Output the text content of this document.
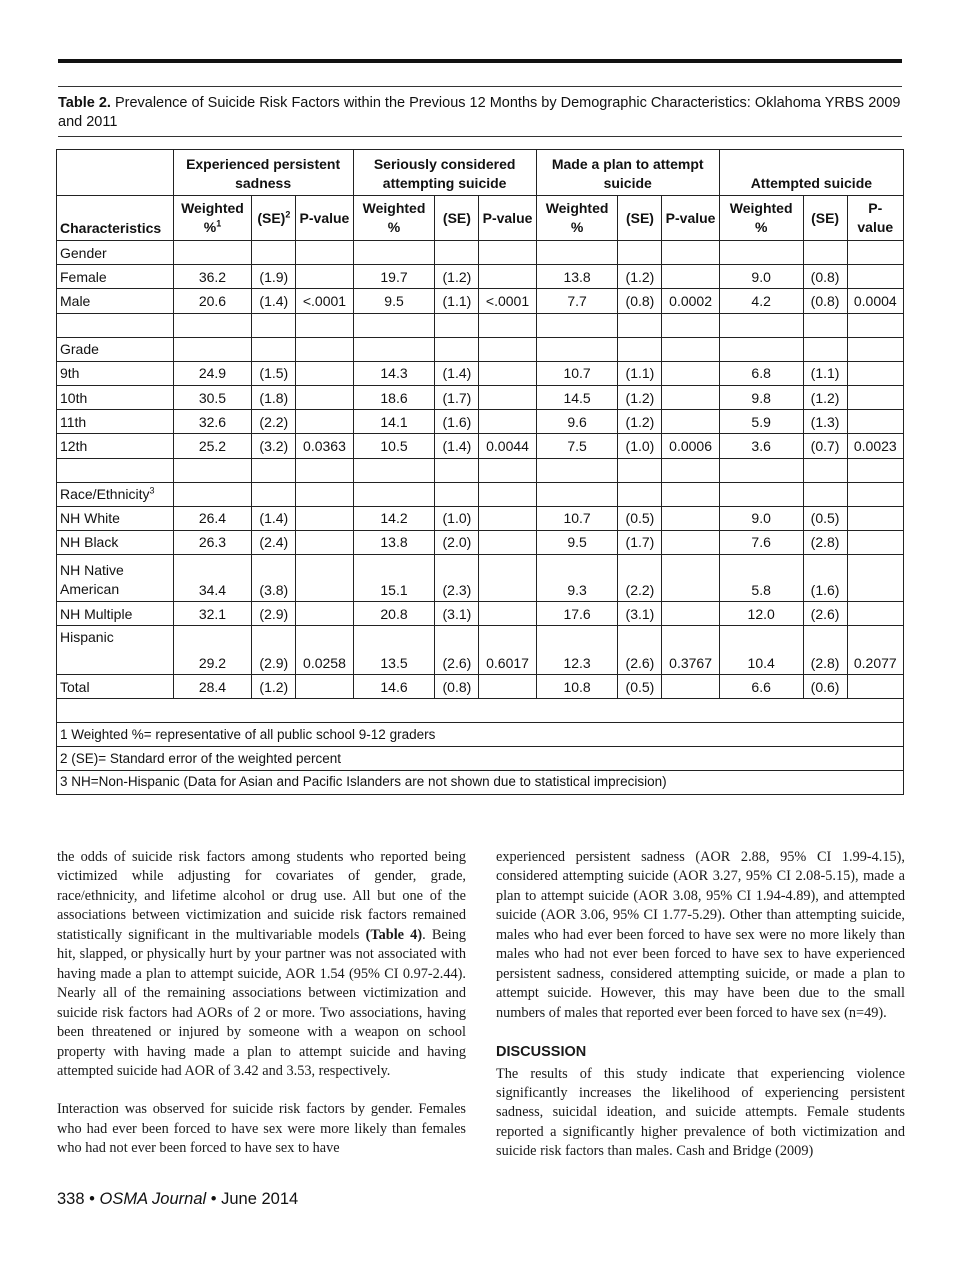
Table 2. Prevalence of Suicide Risk Factors within the Previous 12 Months by Demographic Characteristics: Oklahoma YRBS 2009 and 2011
	Experienced persistent sadness			Seriously considered attempting suicide			Made a plan to attempt suicide			Attempted suicide		
Characteristics	Weighted %$^1$	(SE)$^2$	P-value	Weighted %	(SE)	P-value	Weighted %	(SE)	P-value	Weighted %	(SE)	P-value
Gender												
Female	36.2	(1.9)		19.7	(1.2)		13.8	(1.2)		9.0	(0.8)	
Male	20.6	(1.4)	<.0001	9.5	(1.1)	<.0001	7.7	(0.8)	0.0002	4.2	(0.8)	0.0004

Grade												
9th	24.9	(1.5)		14.3	(1.4)		10.7	(1.1)		6.8	(1.1)	
10th	30.5	(1.8)		18.6	(1.7)		14.5	(1.2)		9.8	(1.2)	
11th	32.6	(2.2)		14.1	(1.6)		9.6	(1.2)		5.9	(1.3)	
12th	25.2	(3.2)	0.0363	10.5	(1.4)	0.0044	7.5	(1.0)	0.0006	3.6	(0.7)	0.0023

Race/Ethnicity$^3$												
NH White	26.4	(1.4)		14.2	(1.0)		10.7	(0.5)		9.0	(0.5)	
NH Black	26.3	(2.4)		13.8	(2.0)		9.5	(1.7)		7.6	(2.8)	
NH Native American	34.4	(3.8)		15.1	(2.3)		9.3	(2.2)		5.8	(1.6)	
NH Multiple	32.1	(2.9)		20.8	(3.1)		17.6	(3.1)		12.0	(2.6)	
Hispanic	29.2	(2.9)	0.0258	13.5	(2.6)	0.6017	12.3	(2.6)	0.3767	10.4	(2.8)	0.2077
Total	28.4	(1.2)		14.6	(0.8)		10.8	(0.5)		6.6	(0.6)	

1 Weighted %= representative of all public school 9-12 graders												
2 (SE)= Standard error of the weighted percent												
3 NH=Non-Hispanic (Data for Asian and Pacific Islanders are not shown due to statistical imprecision)												

the odds of suicide risk factors among students who reported being victimized while adjusting for covariates of gender, grade, race/ethnicity, and lifetime alcohol or drug use. All but one of the associations between victimization and suicide risk factors remained statistically significant in the multivariable models (Table 4). Being hit, slapped, or physically hurt by your partner was not associated with having made a plan to attempt suicide, AOR 1.54 (95% CI 0.97-2.44). Nearly all of the remaining associations between victimization and suicide risk factors had AORs of 2 or more. Two associations, having been threatened or injured by someone with a weapon on school property with having made a plan to attempt suicide and having attempted suicide had AOR of 3.42 and 3.53, respectively.

Interaction was observed for suicide risk factors by gender. Females who had ever been forced to have sex were more likely than females who had not ever been forced to have sex to have

experienced persistent sadness (AOR 2.88, 95% CI 1.99-4.15), considered attempting suicide (AOR 3.27, 95% CI 2.08-5.15), made a plan to attempt suicide (AOR 3.08, 95% CI 1.94-4.89), and attempted suicide (AOR 3.06, 95% CI 1.77-5.29). Other than attempting suicide, males who had ever been forced to have sex were no more likely than males who had not ever been forced to have sex to have experienced persistent sadness, considered attempting suicide, or made a plan to attempt suicide. However, this may have been due to the small numbers of males that reported ever been forced to have sex (n=49).

DISCUSSION

The results of this study indicate that experiencing violence significantly increases the likelihood of experiencing persistent sadness, suicidal ideation, and suicide attempts. Female students reported a significantly higher prevalence of both victimization and suicide risk factors than males. Cash and Bridge (2009)

338 • OSMA Journal • June 2014
